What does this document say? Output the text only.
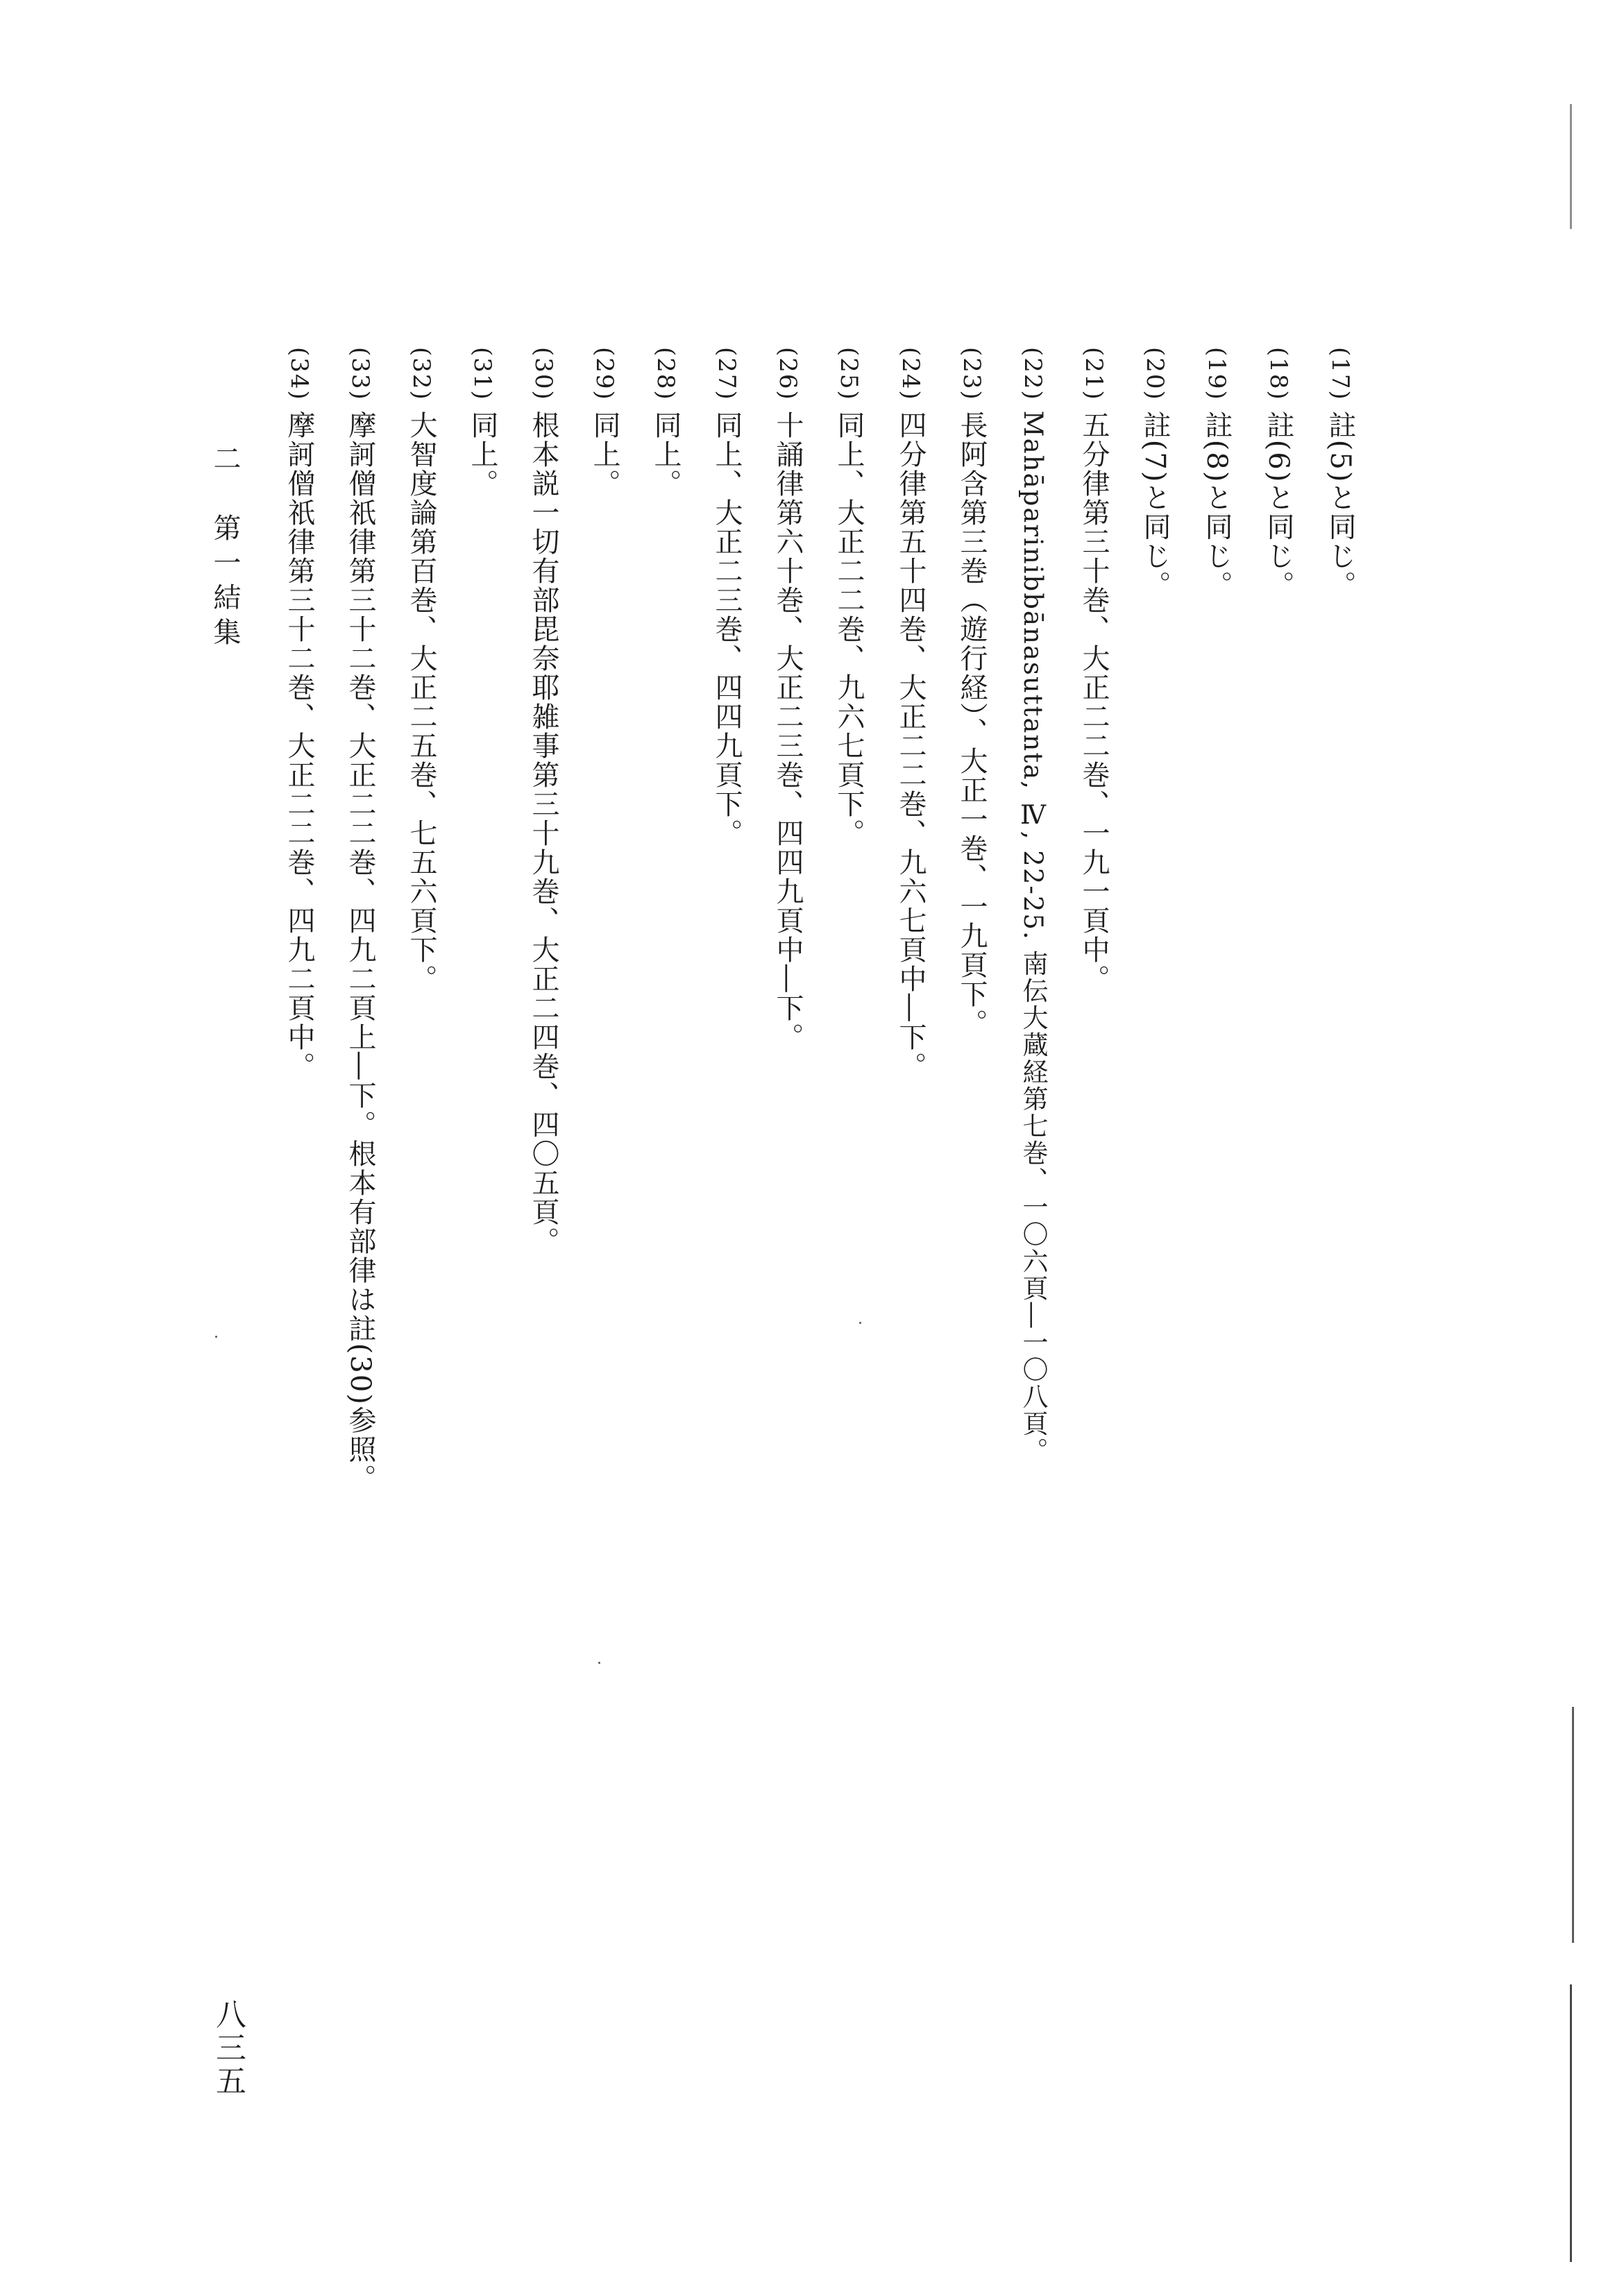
(17)註(5)と同じ。
(18)註(6)と同じ。
(19)註(8)と同じ。
(20)註(7)と同じ。
(21)五分律第三十巻、大正二二巻、一九一頁中。
(22)Mahāparinibbānasuttanta, Ⅳ, 22-25. 南伝大蔵経第七巻、一〇六頁―一〇八頁。
(23)長阿含第三巻（遊行経）、大正一巻、一九頁下。
(24)四分律第五十四巻、大正二二巻、九六七頁中―下。
(25)同上、大正二二巻、九六七頁下。
(26)十誦律第六十巻、大正二三巻、四四九頁中―下。
(27)同上、大正二三巻、四四九頁下。
(28)同上。
(29)同上。
(30)根本説一切有部毘奈耶雑事第三十九巻、大正二四巻、四〇五頁。
(31)同上。
(32)大智度論第百巻、大正二五巻、七五六頁下。
(33)摩訶僧祇律第三十二巻、大正二二巻、四九二頁上―下。根本有部律は註(30)参照。
(34)摩訶僧祇律第三十二巻、大正二二巻、四九二頁中。
二　第一結集
八三五
